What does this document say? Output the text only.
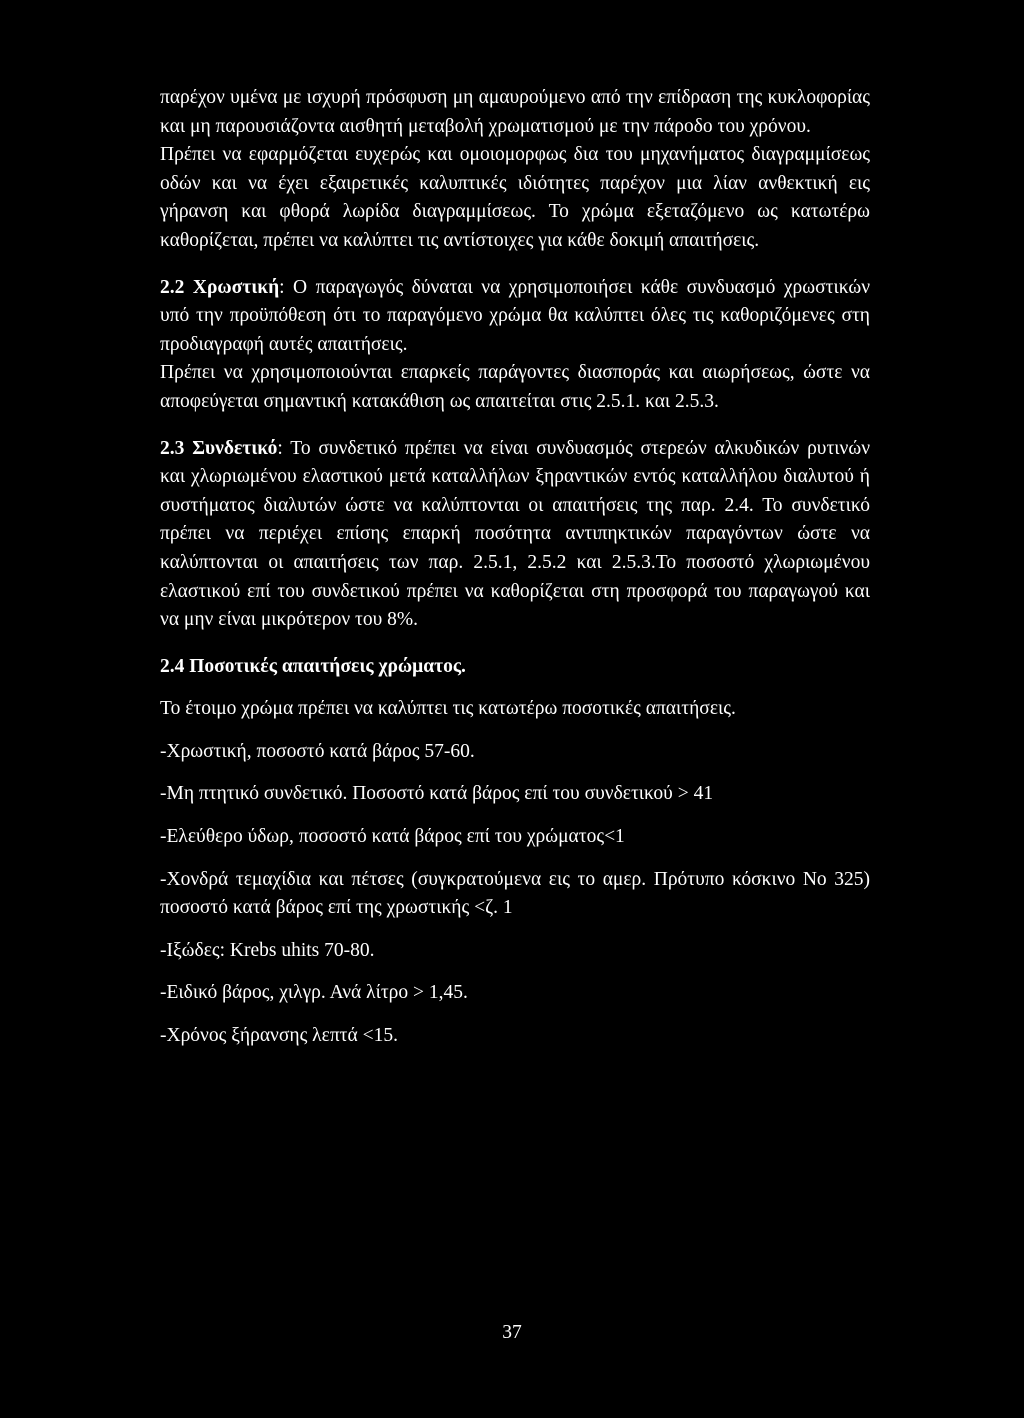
παρέχον υμένα με ισχυρή πρόσφυση μη αμαυρούμενο από την επίδραση της κυκλοφορίας και μη παρουσιάζοντα αισθητή μεταβολή χρωματισμού με την πάροδο του χρόνου.

Πρέπει να εφαρμόζεται ευχερώς και ομοιομορφως δια του μηχανήματος διαγραμμίσεως οδών και να έχει εξαιρετικές καλυπτικές ιδιότητες παρέχον μια λίαν ανθεκτική εις γήρανση και φθορά λωρίδα διαγραμμίσεως. Το χρώμα εξεταζόμενο ως κατωτέρω καθορίζεται, πρέπει να καλύπτει τις αντίστοιχες για κάθε δοκιμή απαιτήσεις.

2.2 Χρωστική: Ο παραγωγός δύναται να χρησιμοποιήσει κάθε συνδυασμό χρωστικών υπό την προϋπόθεση ότι το παραγόμενο χρώμα θα καλύπτει όλες τις καθοριζόμενες στη προδιαγραφή αυτές απαιτήσεις.

Πρέπει να χρησιμοποιούνται επαρκείς παράγοντες διασποράς και αιωρήσεως, ώστε να αποφεύγεται σημαντική κατακάθιση ως απαιτείται στις 2.5.1. και 2.5.3.

2.3 Συνδετικό: Το συνδετικό πρέπει να είναι συνδυασμός στερεών αλκυδικών ρυτινών και χλωριωμένου ελαστικού μετά καταλλήλων ξηραντικών εντός καταλλήλου διαλυτού ή συστήματος διαλυτών ώστε να καλύπτονται οι απαιτήσεις της παρ. 2.4. Το συνδετικό πρέπει να περιέχει επίσης επαρκή ποσότητα αντιπηκτικών παραγόντων ώστε να καλύπτονται οι απαιτήσεις των παρ. 2.5.1, 2.5.2 και 2.5.3.Το ποσοστό χλωριωμένου ελαστικού επί του συνδετικού πρέπει να καθορίζεται στη προσφορά του παραγωγού και να μην είναι μικρότερον του 8%.

2.4 Ποσοτικές απαιτήσεις χρώματος.

Το έτοιμο χρώμα πρέπει να καλύπτει τις κατωτέρω ποσοτικές απαιτήσεις.

-Χρωστική, ποσοστό κατά βάρος 57-60.

-Μη πτητικό συνδετικό. Ποσοστό κατά βάρος επί του συνδετικού > 41

-Ελεύθερο ύδωρ, ποσοστό κατά βάρος επί του χρώματος<1

-Χονδρά τεμαχίδια και πέτσες (συγκρατούμενα εις το αμερ. Πρότυπο κόσκινο Νο 325) ποσοστό κατά βάρος επί της χρωστικής <ζ. 1

-Ιξώδες: Krebs uhits 70-80.

-Ειδικό βάρος, χιλγρ. Ανά λίτρο > 1,45.

-Χρόνος ξήρανσης λεπτά <15.

37
